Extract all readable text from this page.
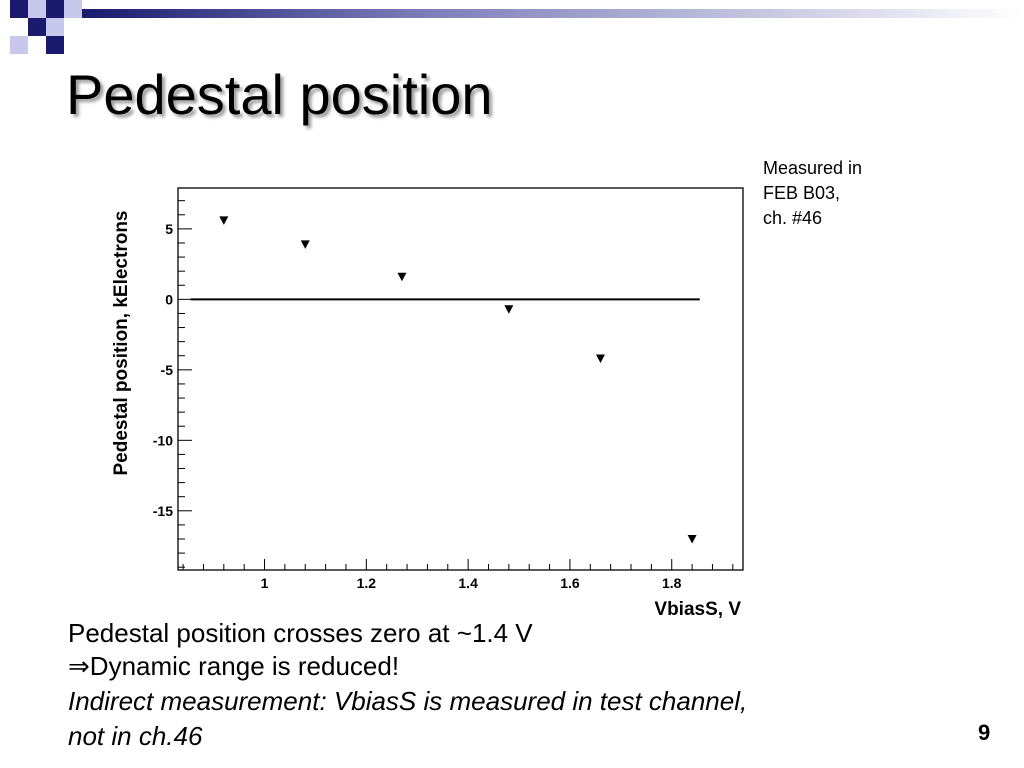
Pedestal position
Measured in
FEB B03,
ch. #46
1	1.2	1.4	1.6	1.8
5
0
-5
-10
-15
VbiasS, V
Pedestal position, kElectrons
Pedestal position crosses zero at ~1.4 V
⇒Dynamic range is reduced!
Indirect measurement: VbiasS is measured in test channel,
not in ch.46	9
